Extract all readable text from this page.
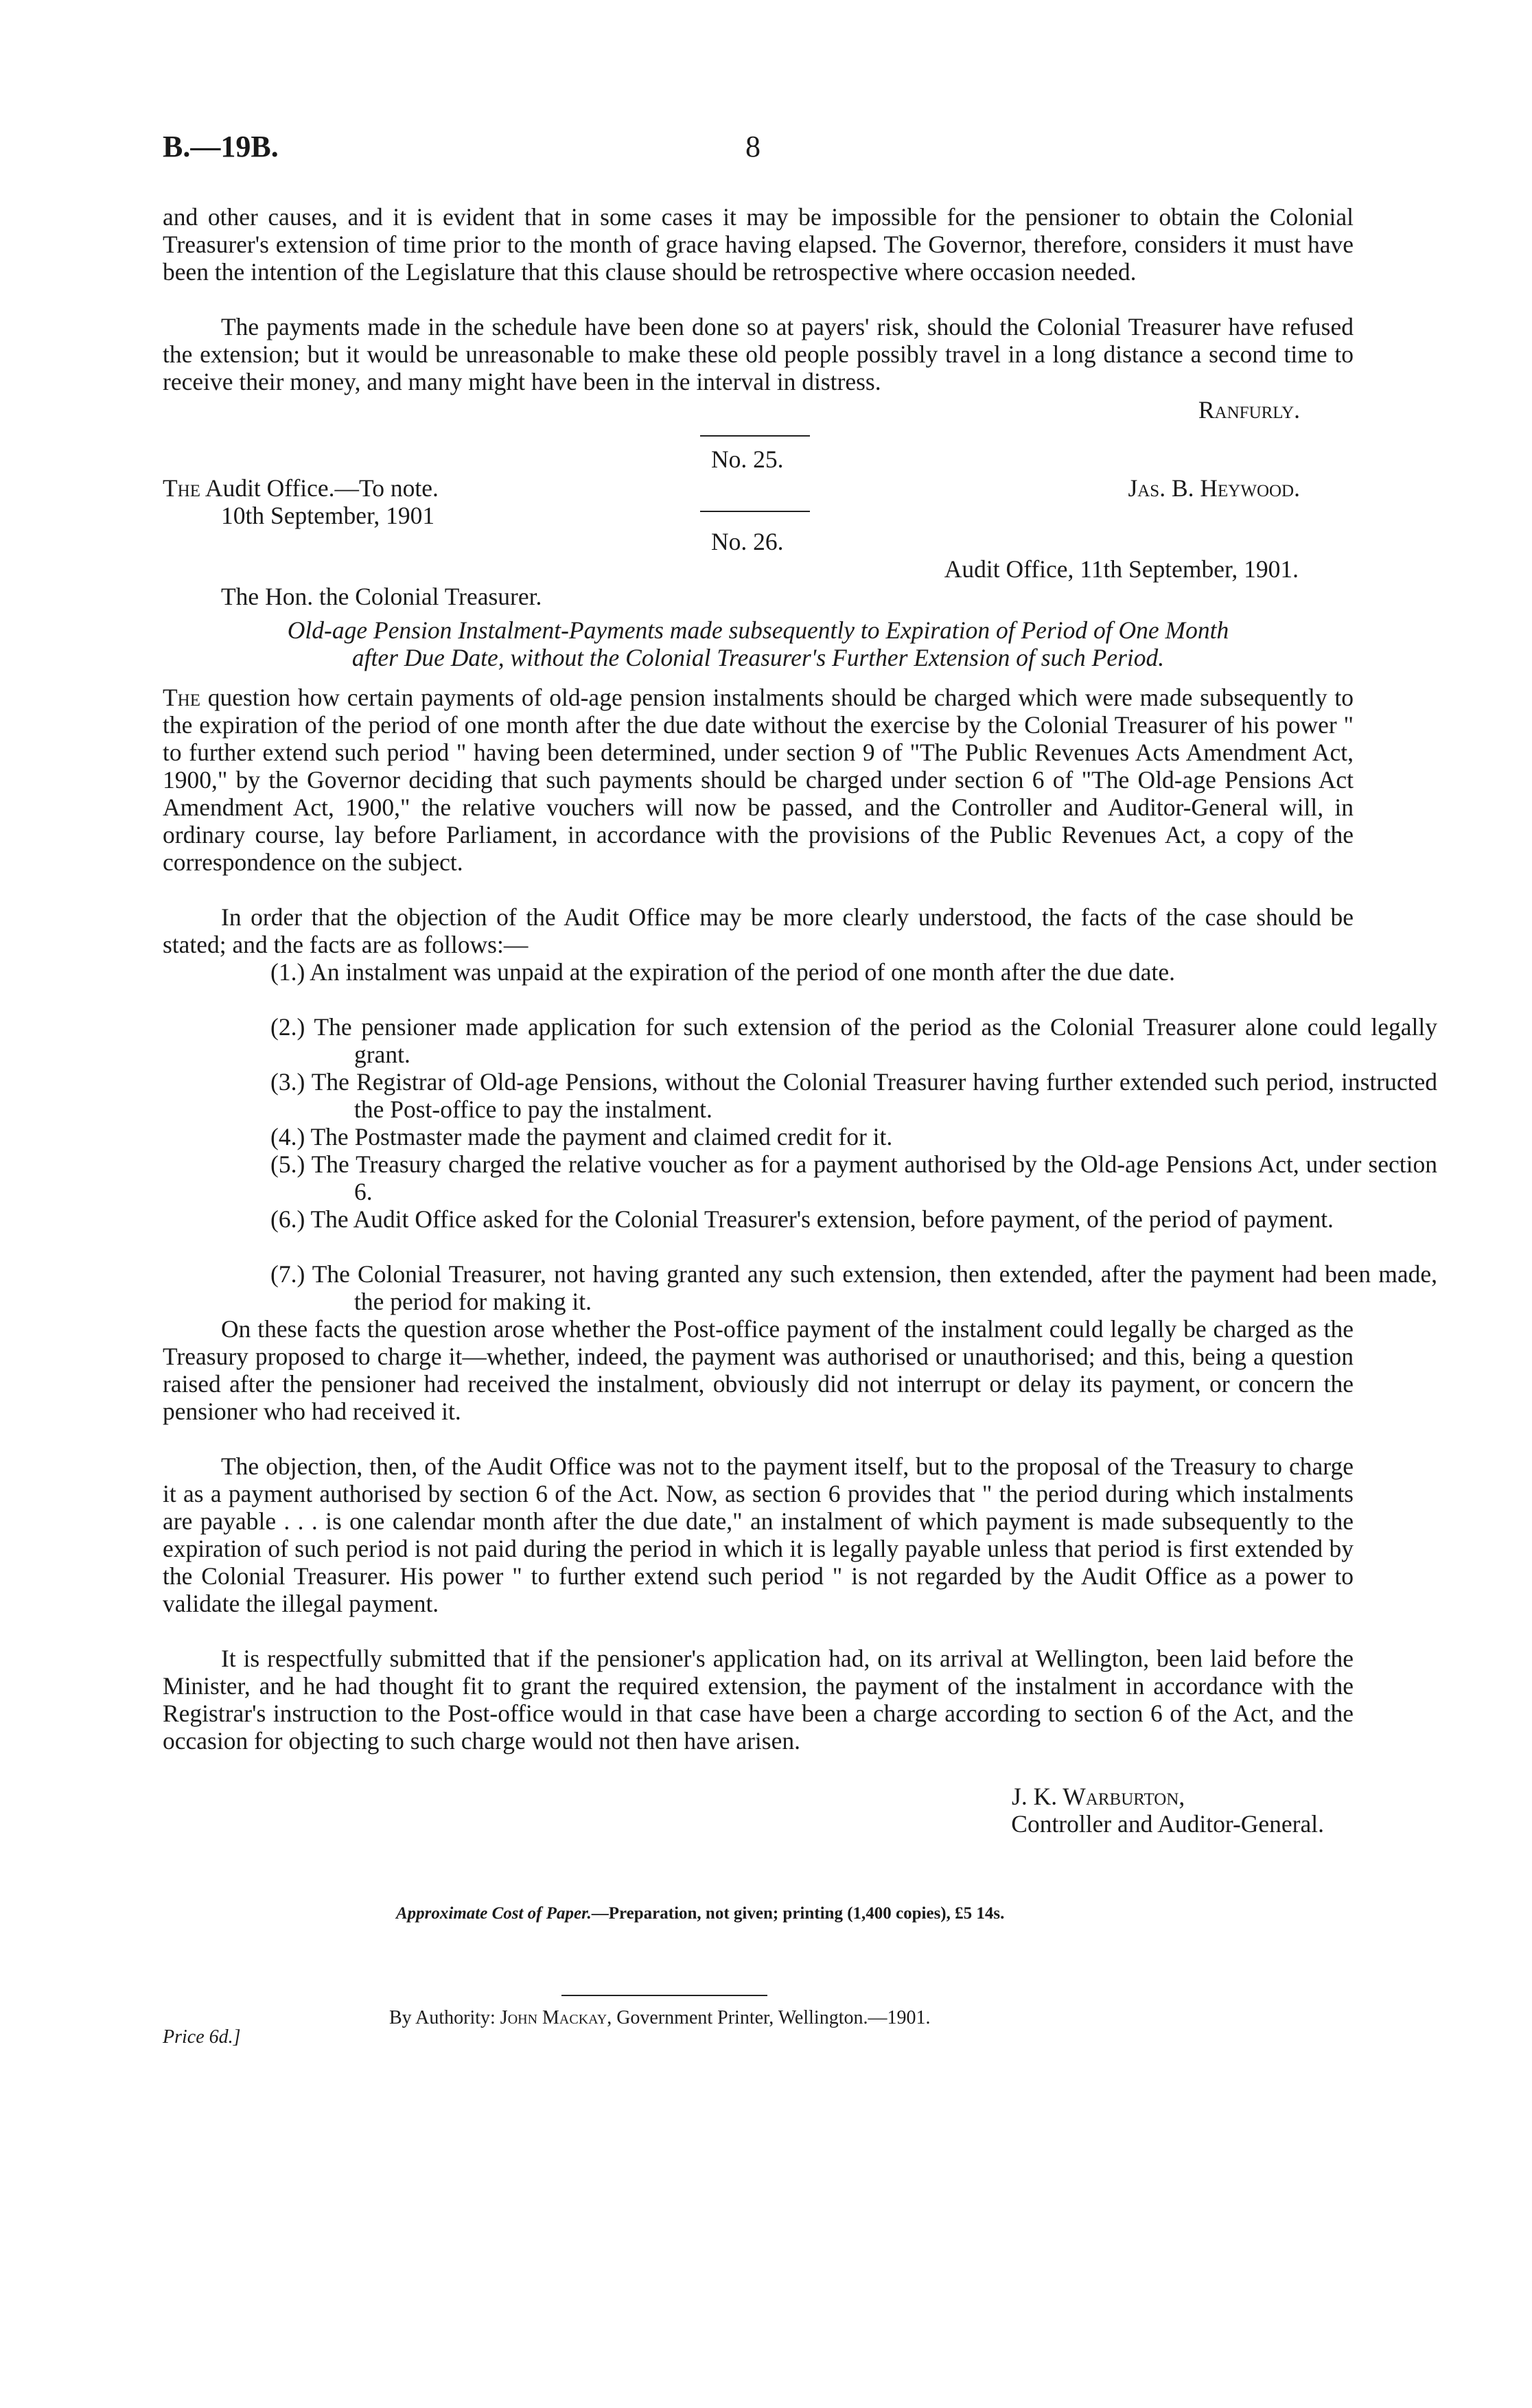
B.—19B.	8
and other causes, and it is evident that in some cases it may be impossible for the pensioner to obtain the Colonial Treasurer's extension of time prior to the month of grace having elapsed. The Governor, therefore, considers it must have been the intention of the Legislature that this clause should be retrospective where occasion needed.
The payments made in the schedule have been done so at payers' risk, should the Colonial Treasurer have refused the extension; but it would be unreasonable to make these old people possibly travel in a long distance a second time to receive their money, and many might have been in the interval in distress.
Ranfurly.
No. 25.
The Audit Office.—To note.
10th September, 1901
Jas. B. Heywood.
No. 26.
Audit Office, 11th September, 1901.
The Hon. the Colonial Treasurer.
Old-age Pension Instalment-Payments made subsequently to Expiration of Period of One Month
after Due Date, without the Colonial Treasurer's Further Extension of such Period.
The question how certain payments of old-age pension instalments should be charged which were made subsequently to the expiration of the period of one month after the due date without the exercise by the Colonial Treasurer of his power " to further extend such period " having been determined, under section 9 of "The Public Revenues Acts Amendment Act, 1900," by the Governor deciding that such payments should be charged under section 6 of "The Old-age Pensions Act Amendment Act, 1900," the relative vouchers will now be passed, and the Controller and Auditor-General will, in ordinary course, lay before Parliament, in accordance with the provisions of the Public Revenues Act, a copy of the correspondence on the subject.
In order that the objection of the Audit Office may be more clearly understood, the facts of the case should be stated; and the facts are as follows:—
(1.) An instalment was unpaid at the expiration of the period of one month after the due date.
(2.) The pensioner made application for such extension of the period as the Colonial Treasurer alone could legally grant.
(3.) The Registrar of Old-age Pensions, without the Colonial Treasurer having further extended such period, instructed the Post-office to pay the instalment.
(4.) The Postmaster made the payment and claimed credit for it.
(5.) The Treasury charged the relative voucher as for a payment authorised by the Old-age Pensions Act, under section 6.
(6.) The Audit Office asked for the Colonial Treasurer's extension, before payment, of the period of payment.
(7.) The Colonial Treasurer, not having granted any such extension, then extended, after the payment had been made, the period for making it.
On these facts the question arose whether the Post-office payment of the instalment could legally be charged as the Treasury proposed to charge it—whether, indeed, the payment was authorised or unauthorised; and this, being a question raised after the pensioner had received the instalment, obviously did not interrupt or delay its payment, or concern the pensioner who had received it.
The objection, then, of the Audit Office was not to the payment itself, but to the proposal of the Treasury to charge it as a payment authorised by section 6 of the Act. Now, as section 6 provides that " the period during which instalments are payable . . . is one calendar month after the due date," an instalment of which payment is made subsequently to the expiration of such period is not paid during the period in which it is legally payable unless that period is first extended by the Colonial Treasurer. His power " to further extend such period " is not regarded by the Audit Office as a power to validate the illegal payment.
It is respectfully submitted that if the pensioner's application had, on its arrival at Wellington, been laid before the Minister, and he had thought fit to grant the required extension, the payment of the instalment in accordance with the Registrar's instruction to the Post-office would in that case have been a charge according to section 6 of the Act, and the occasion for objecting to such charge would not then have arisen.
J. K. Warburton,
Controller and Auditor-General.
Approximate Cost of Paper.—Preparation, not given; printing (1,400 copies), £5 14s.
By Authority: John Mackay, Government Printer, Wellington.—1901.
Price 6d.]
